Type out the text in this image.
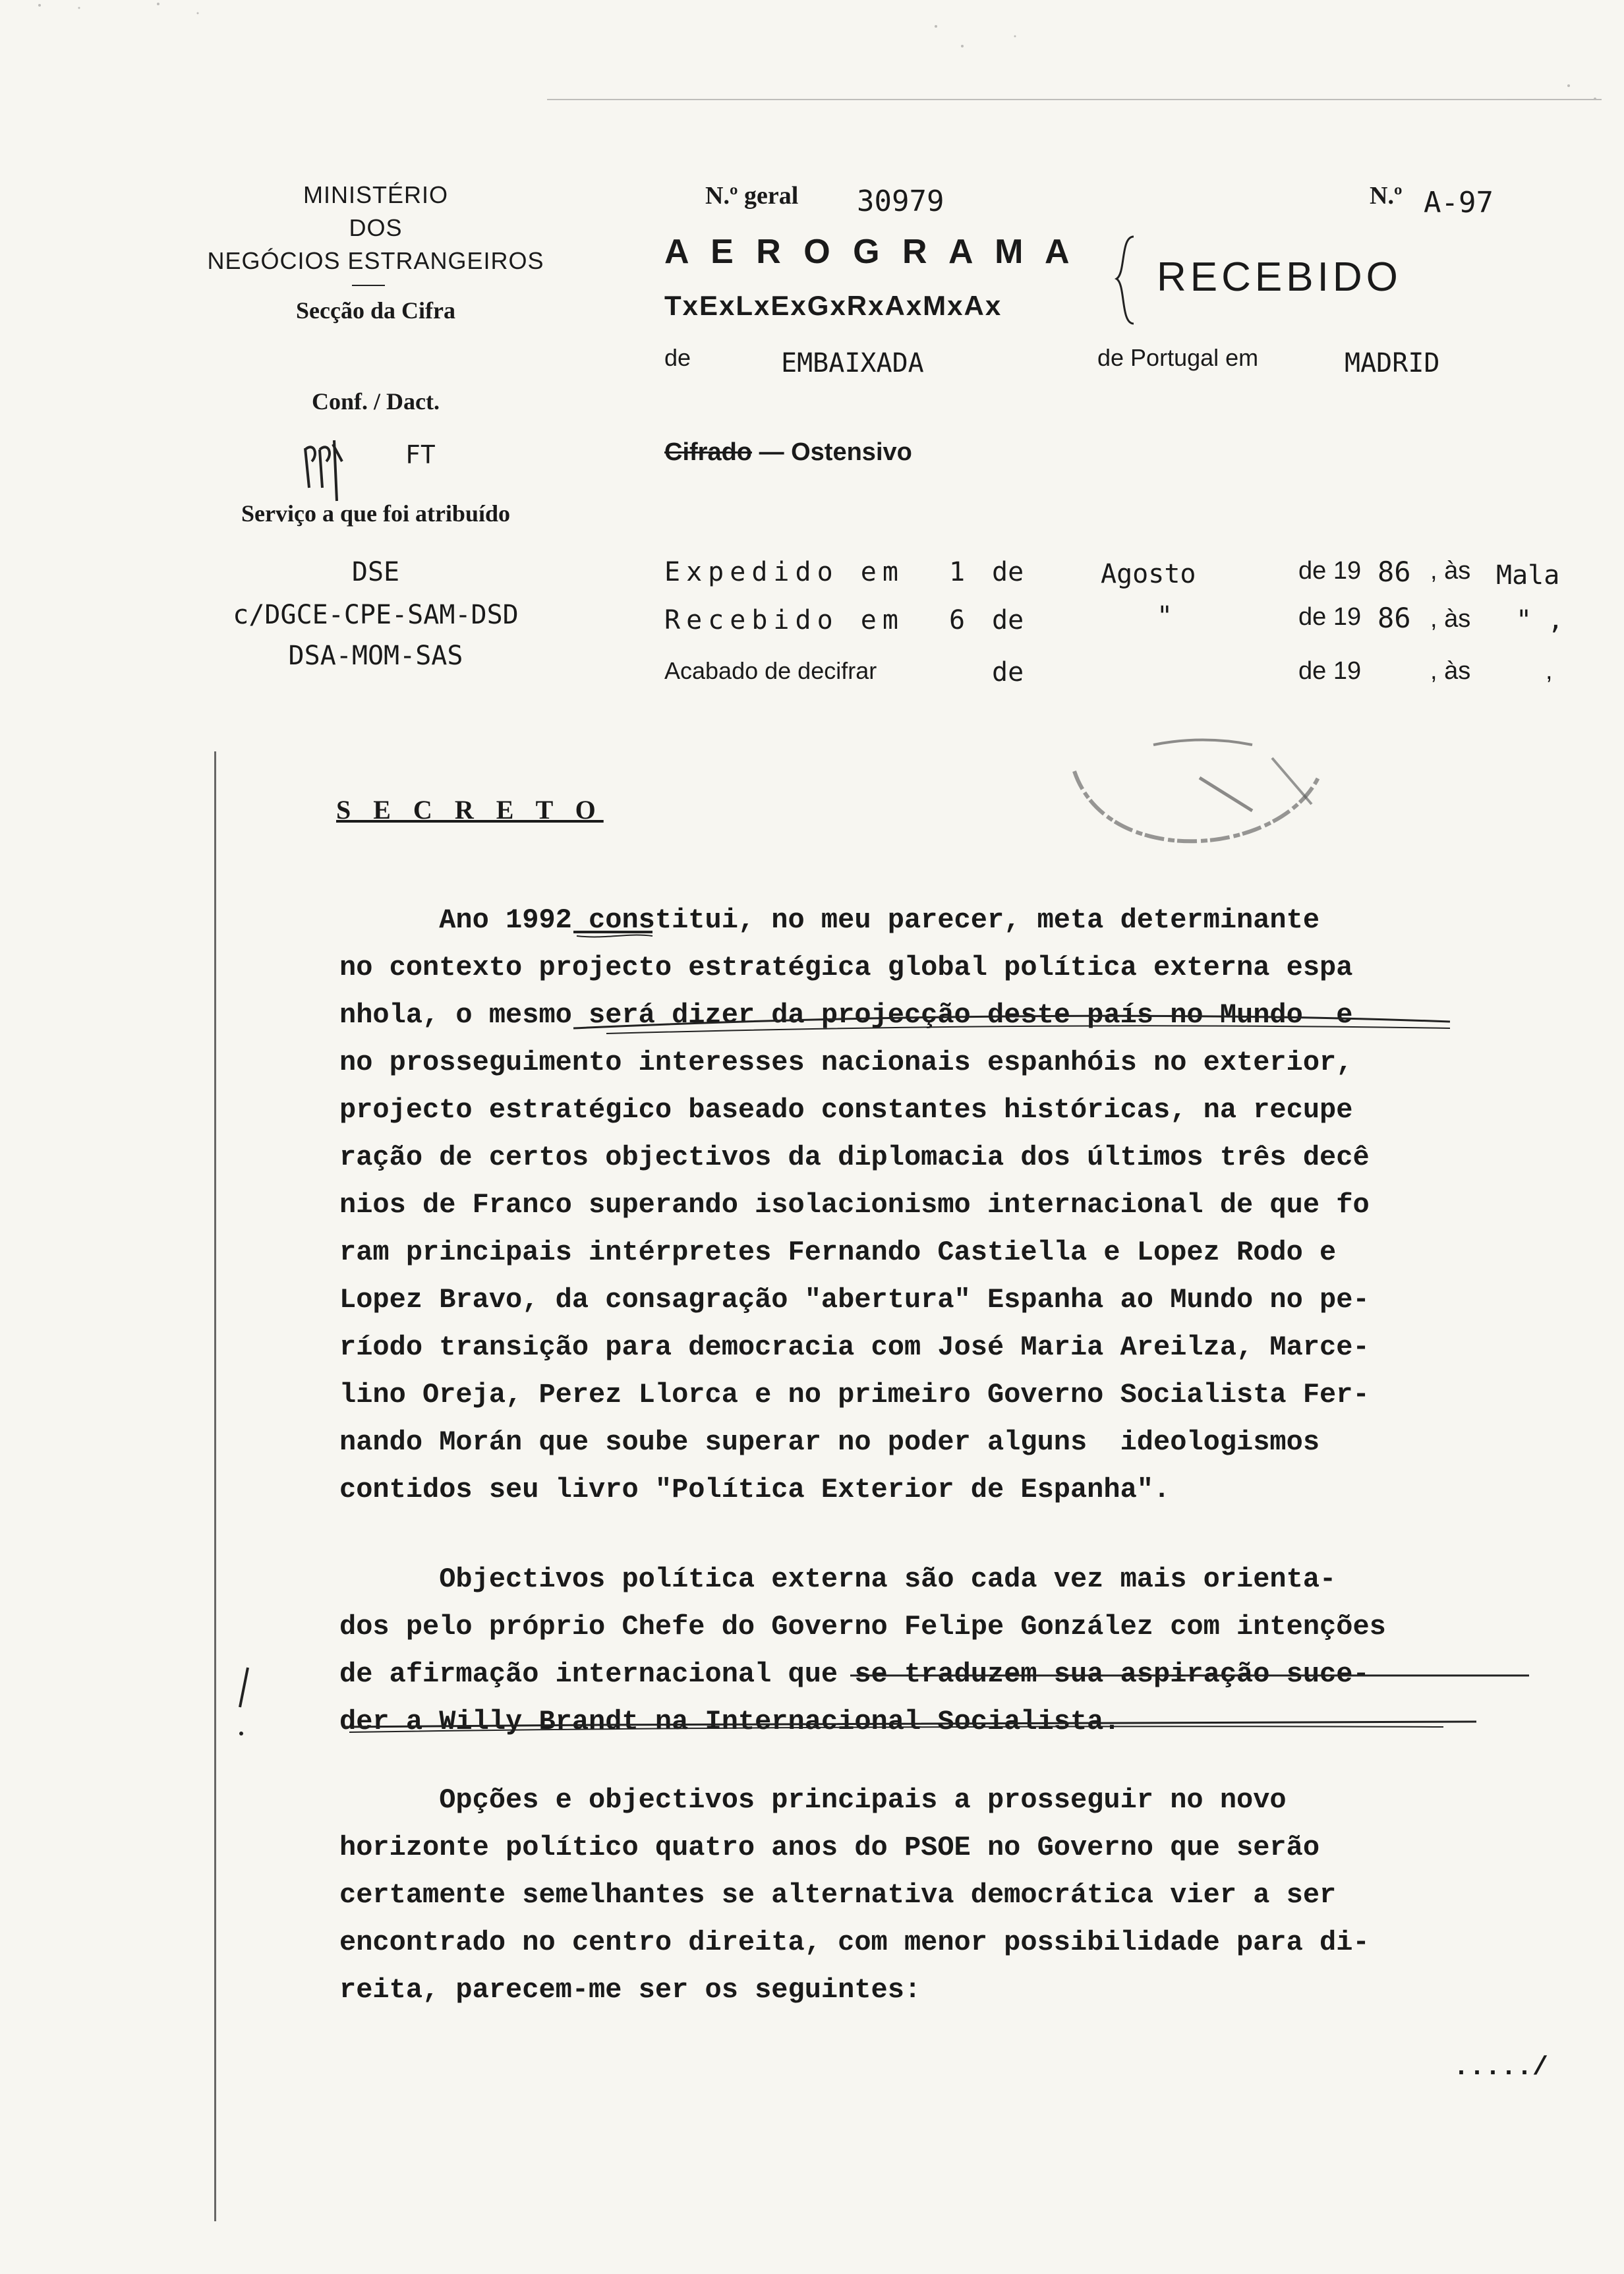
MINISTÉRIO
DOS
NEGÓCIOS ESTRANGEIROS
Secção da Cifra
Conf. / Dact.
FT
Serviço a que foi atribuído
DSE
c/DGCE-CPE-SAM-DSD
DSA-MOM-SAS
N.º geral 30979	N.º A-97
A E R O G R A M A
TxExLxExGxRxAxMxAx
RECEBIDO
de	EMBAIXADA	de Portugal em	MADRID
Cifrado — Ostensivo
Expedido em 1 de	Agosto	de 19 86 , às Mala
Recebido em 6 de	"	de 19 86 , às " ,
Acabado de decifrar	de	de 19	, às	,
S E C R E T O
Ano 1992 constitui, no meu parecer, meta determinante
no contexto projecto estratégica global política externa espa
nhola, o mesmo será dizer da projecção deste país no Mundo  e
no prosseguimento interesses nacionais espanhóis no exterior,
projecto estratégico baseado constantes históricas, na recupe
ração de certos objectivos da diplomacia dos últimos três decê
nios de Franco superando isolacionismo internacional de que fo
ram principais intérpretes Fernando Castiella e Lopez Rodo e
Lopez Bravo, da consagração "abertura" Espanha ao Mundo no pe-
ríodo transição para democracia com José Maria Areilza, Marce-
lino Oreja, Perez Llorca e no primeiro Governo Socialista Fer-
nando Morán que soube superar no poder alguns  ideologismos
contidos seu livro "Política Exterior de Espanha".
Objectivos política externa são cada vez mais orienta-
dos pelo próprio Chefe do Governo Felipe González com intenções
de afirmação internacional que se traduzem sua aspiração suce-
der a Willy Brandt na Internacional Socialista.
Opções e objectivos principais a prosseguir no novo
horizonte político quatro anos do PSOE no Governo que serão
certamente semelhantes se alternativa democrática vier a ser
encontrado no centro direita, com menor possibilidade para di-
reita, parecem-me ser os seguintes:
...../
